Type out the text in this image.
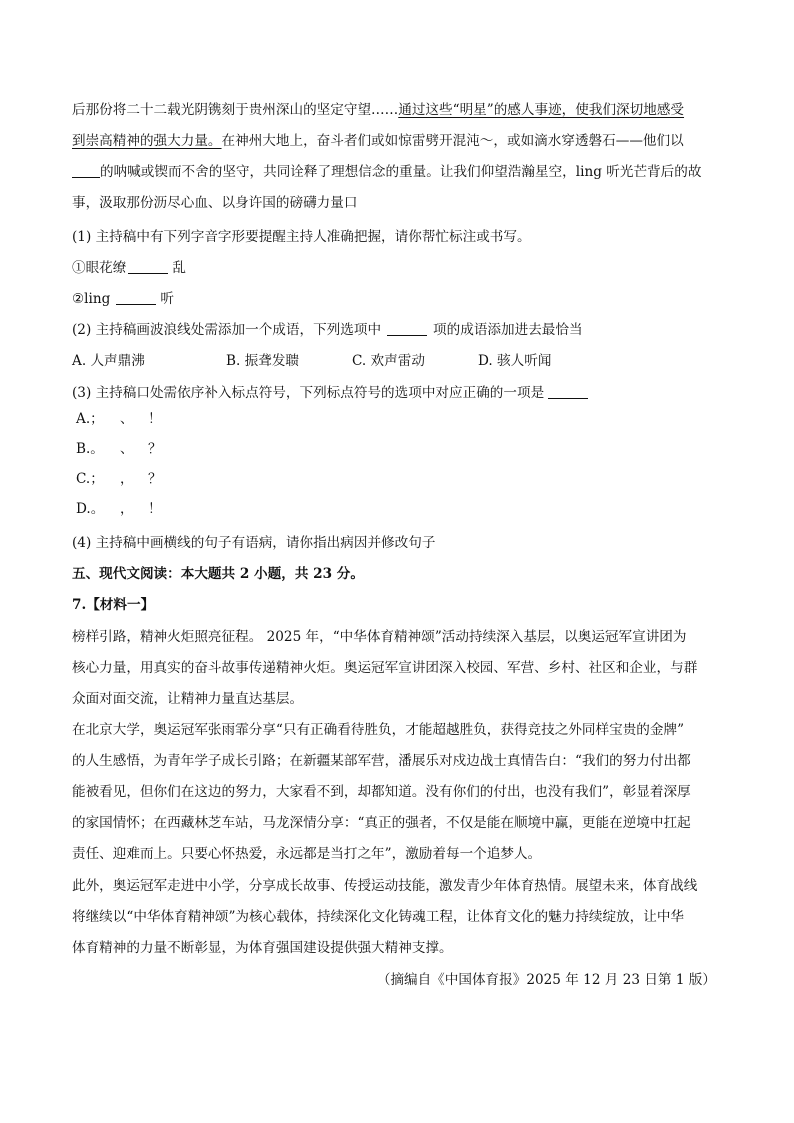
后那份将二十二载光阴镌刻于贵州深山的坚定守望……通过这些“明星”的感人事迹，使我们深切地感受
到崇高精神的强大力量。在神州大地上，奋斗者们或如惊雷劈开混沌～，或如滴水穿透磐石——他们以
的呐喊或锲而不舍的坚守，共同诠释了理想信念的重量。让我们仰望浩瀚星空，ling 听光芒背后的故
事，汲取那份沥尽心血、以身许国的磅礴力量口
(1) 主持稿中有下列字音字形要提醒主持人准确把握，请你帮忙标注或书写。
①眼花缭	乱
②ling	听
(2) 主持稿画波浪线处需添加一个成语，下列选项中	项的成语添加进去最恰当
A. 人声鼎沸	B. 振聋发聩	C. 欢声雷动	D. 骇人听闻
(3) 主持稿口处需依序补入标点符号，下列标点符号的选项中对应正确的一项是
A.； 、 ！
B.。 、 ？
C.； ， ？
D.。 ， ！
(4) 主持稿中画横线的句子有语病，请你指出病因并修改句子
五、现代文阅读：本大题共 2 小题，共 23 分。
7.【材料一】
榜样引路，精神火炬照亮征程。 2025 年，“中华体育精神颂”活动持续深入基层，以奥运冠军宣讲团为
核心力量，用真实的奋斗故事传递精神火炬。奥运冠军宣讲团深入校园、军营、乡村、社区和企业，与群
众面对面交流，让精神力量直达基层。
在北京大学，奥运冠军张雨霏分享“只有正确看待胜负，才能超越胜负，获得竞技之外同样宝贵的金牌”
的人生感悟，为青年学子成长引路；在新疆某部军营，潘展乐对戍边战士真情告白：“我们的努力付出都
能被看见，但你们在这边的努力，大家看不到，却都知道。没有你们的付出，也没有我们”，彰显着深厚
的家国情怀；在西藏林芝车站，马龙深情分享：“真正的强者，不仅是能在顺境中赢，更能在逆境中扛起
责任、迎难而上。只要心怀热爱，永远都是当打之年”，激励着每一个追梦人。
此外，奥运冠军走进中小学，分享成长故事、传授运动技能，激发青少年体育热情。展望未来，体育战线
将继续以“中华体育精神颂”为核心载体，持续深化文化铸魂工程，让体育文化的魅力持续绽放，让中华
体育精神的力量不断彰显，为体育强国建设提供强大精神支撑。
（摘编自《中国体育报》2025 年 12 月 23 日第 1 版）
